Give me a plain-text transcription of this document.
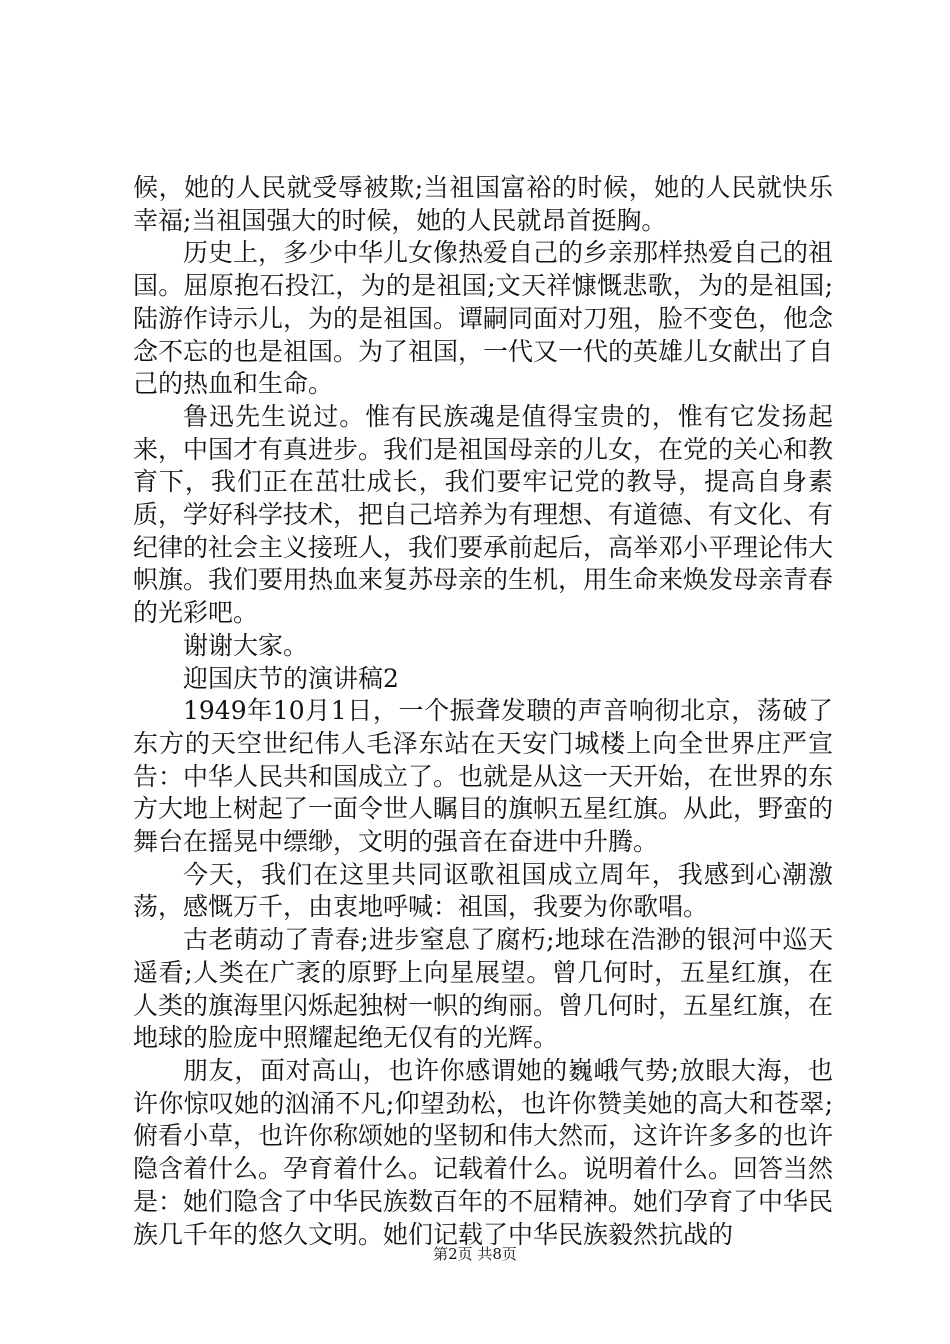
候，她的人民就受辱被欺;当祖国富裕的时候，她的人民就快乐幸福;当祖国强大的时候，她的人民就昂首挺胸。

历史上，多少中华儿女像热爱自己的乡亲那样热爱自己的祖国。屈原抱石投江，为的是祖国;文天祥慷慨悲歌，为的是祖国;陆游作诗示儿，为的是祖国。谭嗣同面对刀殂，脸不变色，他念念不忘的也是祖国。为了祖国，一代又一代的英雄儿女献出了自己的热血和生命。

鲁迅先生说过。惟有民族魂是值得宝贵的，惟有它发扬起来，中国才有真进步。我们是祖国母亲的儿女，在党的关心和教育下，我们正在茁壮成长，我们要牢记党的教导，提高自身素质，学好科学技术，把自己培养为有理想、有道德、有文化、有纪律的社会主义接班人，我们要承前起后，高举邓小平理论伟大帜旗。我们要用热血来复苏母亲的生机，用生命来焕发母亲青春的光彩吧。

谢谢大家。

迎国庆节的演讲稿2

1949年10月1日，一个振聋发聩的声音响彻北京，荡破了东方的天空世纪伟人毛泽东站在天安门城楼上向全世界庄严宣告：中华人民共和国成立了。也就是从这一天开始，在世界的东方大地上树起了一面令世人瞩目的旗帜五星红旗。从此，野蛮的舞台在摇晃中缥缈，文明的强音在奋进中升腾。

今天，我们在这里共同讴歌祖国成立周年，我感到心潮激荡，感慨万千，由衷地呼喊：祖国，我要为你歌唱。

古老萌动了青春;进步窒息了腐朽;地球在浩渺的银河中巡天遥看;人类在广袤的原野上向星展望。曾几何时，五星红旗，在人类的旗海里闪烁起独树一帜的绚丽。曾几何时，五星红旗，在地球的脸庞中照耀起绝无仅有的光辉。

朋友，面对高山，也许你感谓她的巍峨气势;放眼大海，也许你惊叹她的汹涌不凡;仰望劲松，也许你赞美她的高大和苍翠;俯看小草，也许你称颂她的坚韧和伟大然而，这许许多多的也许隐含着什么。孕育着什么。记载着什么。说明着什么。回答当然是：她们隐含了中华民族数百年的不屈精神。她们孕育了中华民族几千年的悠久文明。她们记载了中华民族毅然抗战的

第2页 共8页
